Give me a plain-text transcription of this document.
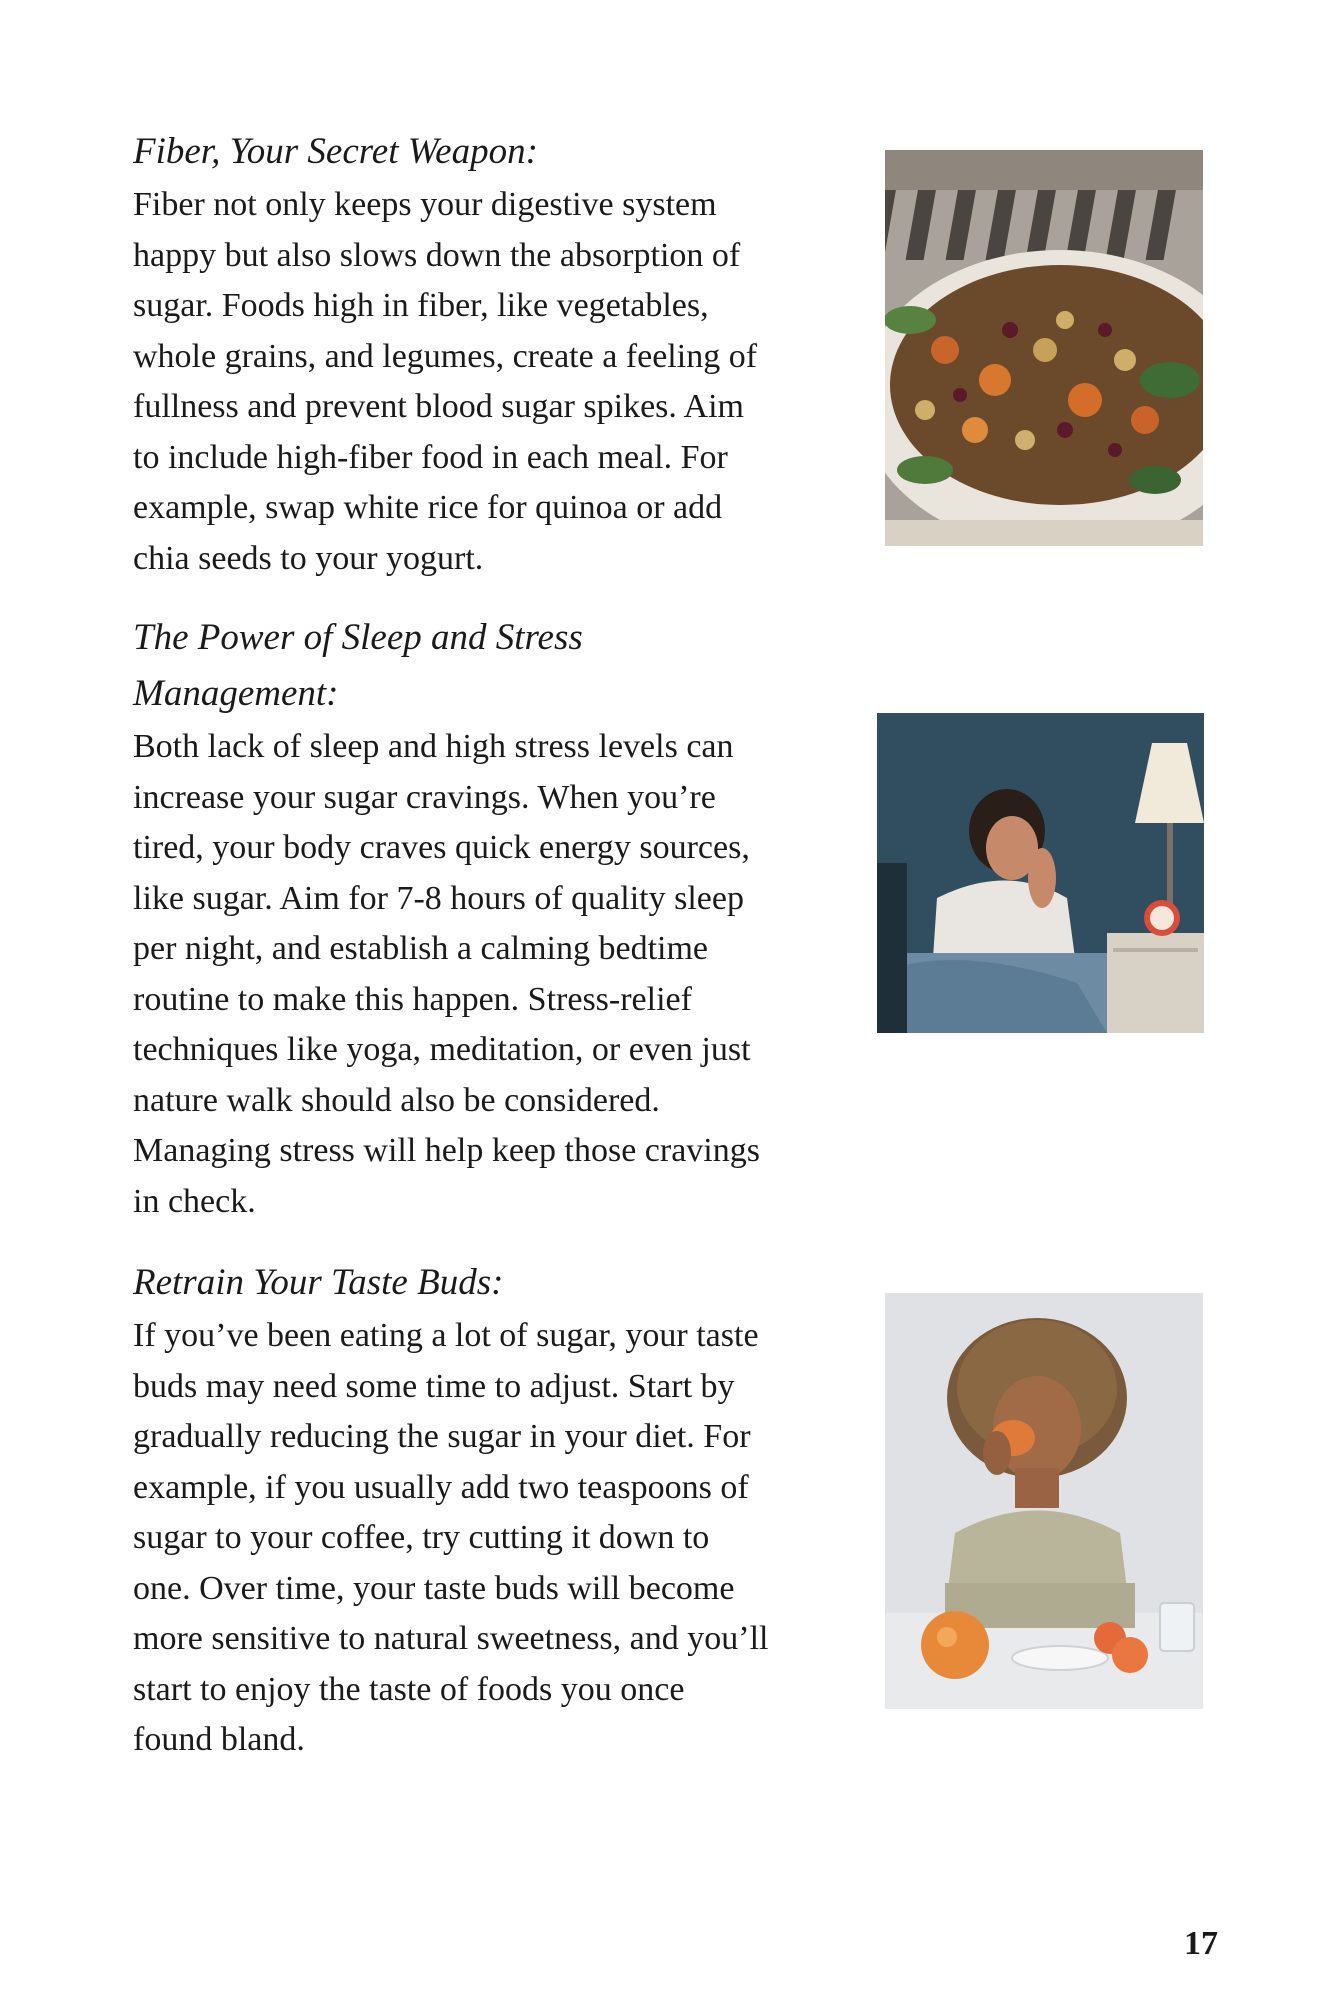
Fiber, Your Secret Weapon:

Fiber not only keeps your digestive system
happy but also slows down the absorption of
sugar. Foods high in fiber, like vegetables,
whole grains, and legumes, create a feeling of
fullness and prevent blood sugar spikes. Aim
to include high-fiber food in each meal. For
example, swap white rice for quinoa or add
chia seeds to your yogurt.

The Power of Sleep and Stress
Management:

Both lack of sleep and high stress levels can
increase your sugar cravings. When you’re
tired, your body craves quick energy sources,
like sugar. Aim for 7-8 hours of quality sleep
per night, and establish a calming bedtime
routine to make this happen. Stress-relief
techniques like yoga, meditation, or even just
nature walk should also be considered.
Managing stress will help keep those cravings
in check.

Retrain Your Taste Buds:

If you’ve been eating a lot of sugar, your taste
buds may need some time to adjust. Start by
gradually reducing the sugar in your diet. For
example, if you usually add two teaspoons of
sugar to your coffee, try cutting it down to
one. Over time, your taste buds will become
more sensitive to natural sweetness, and you’ll
start to enjoy the taste of foods you once
found bland.

17
